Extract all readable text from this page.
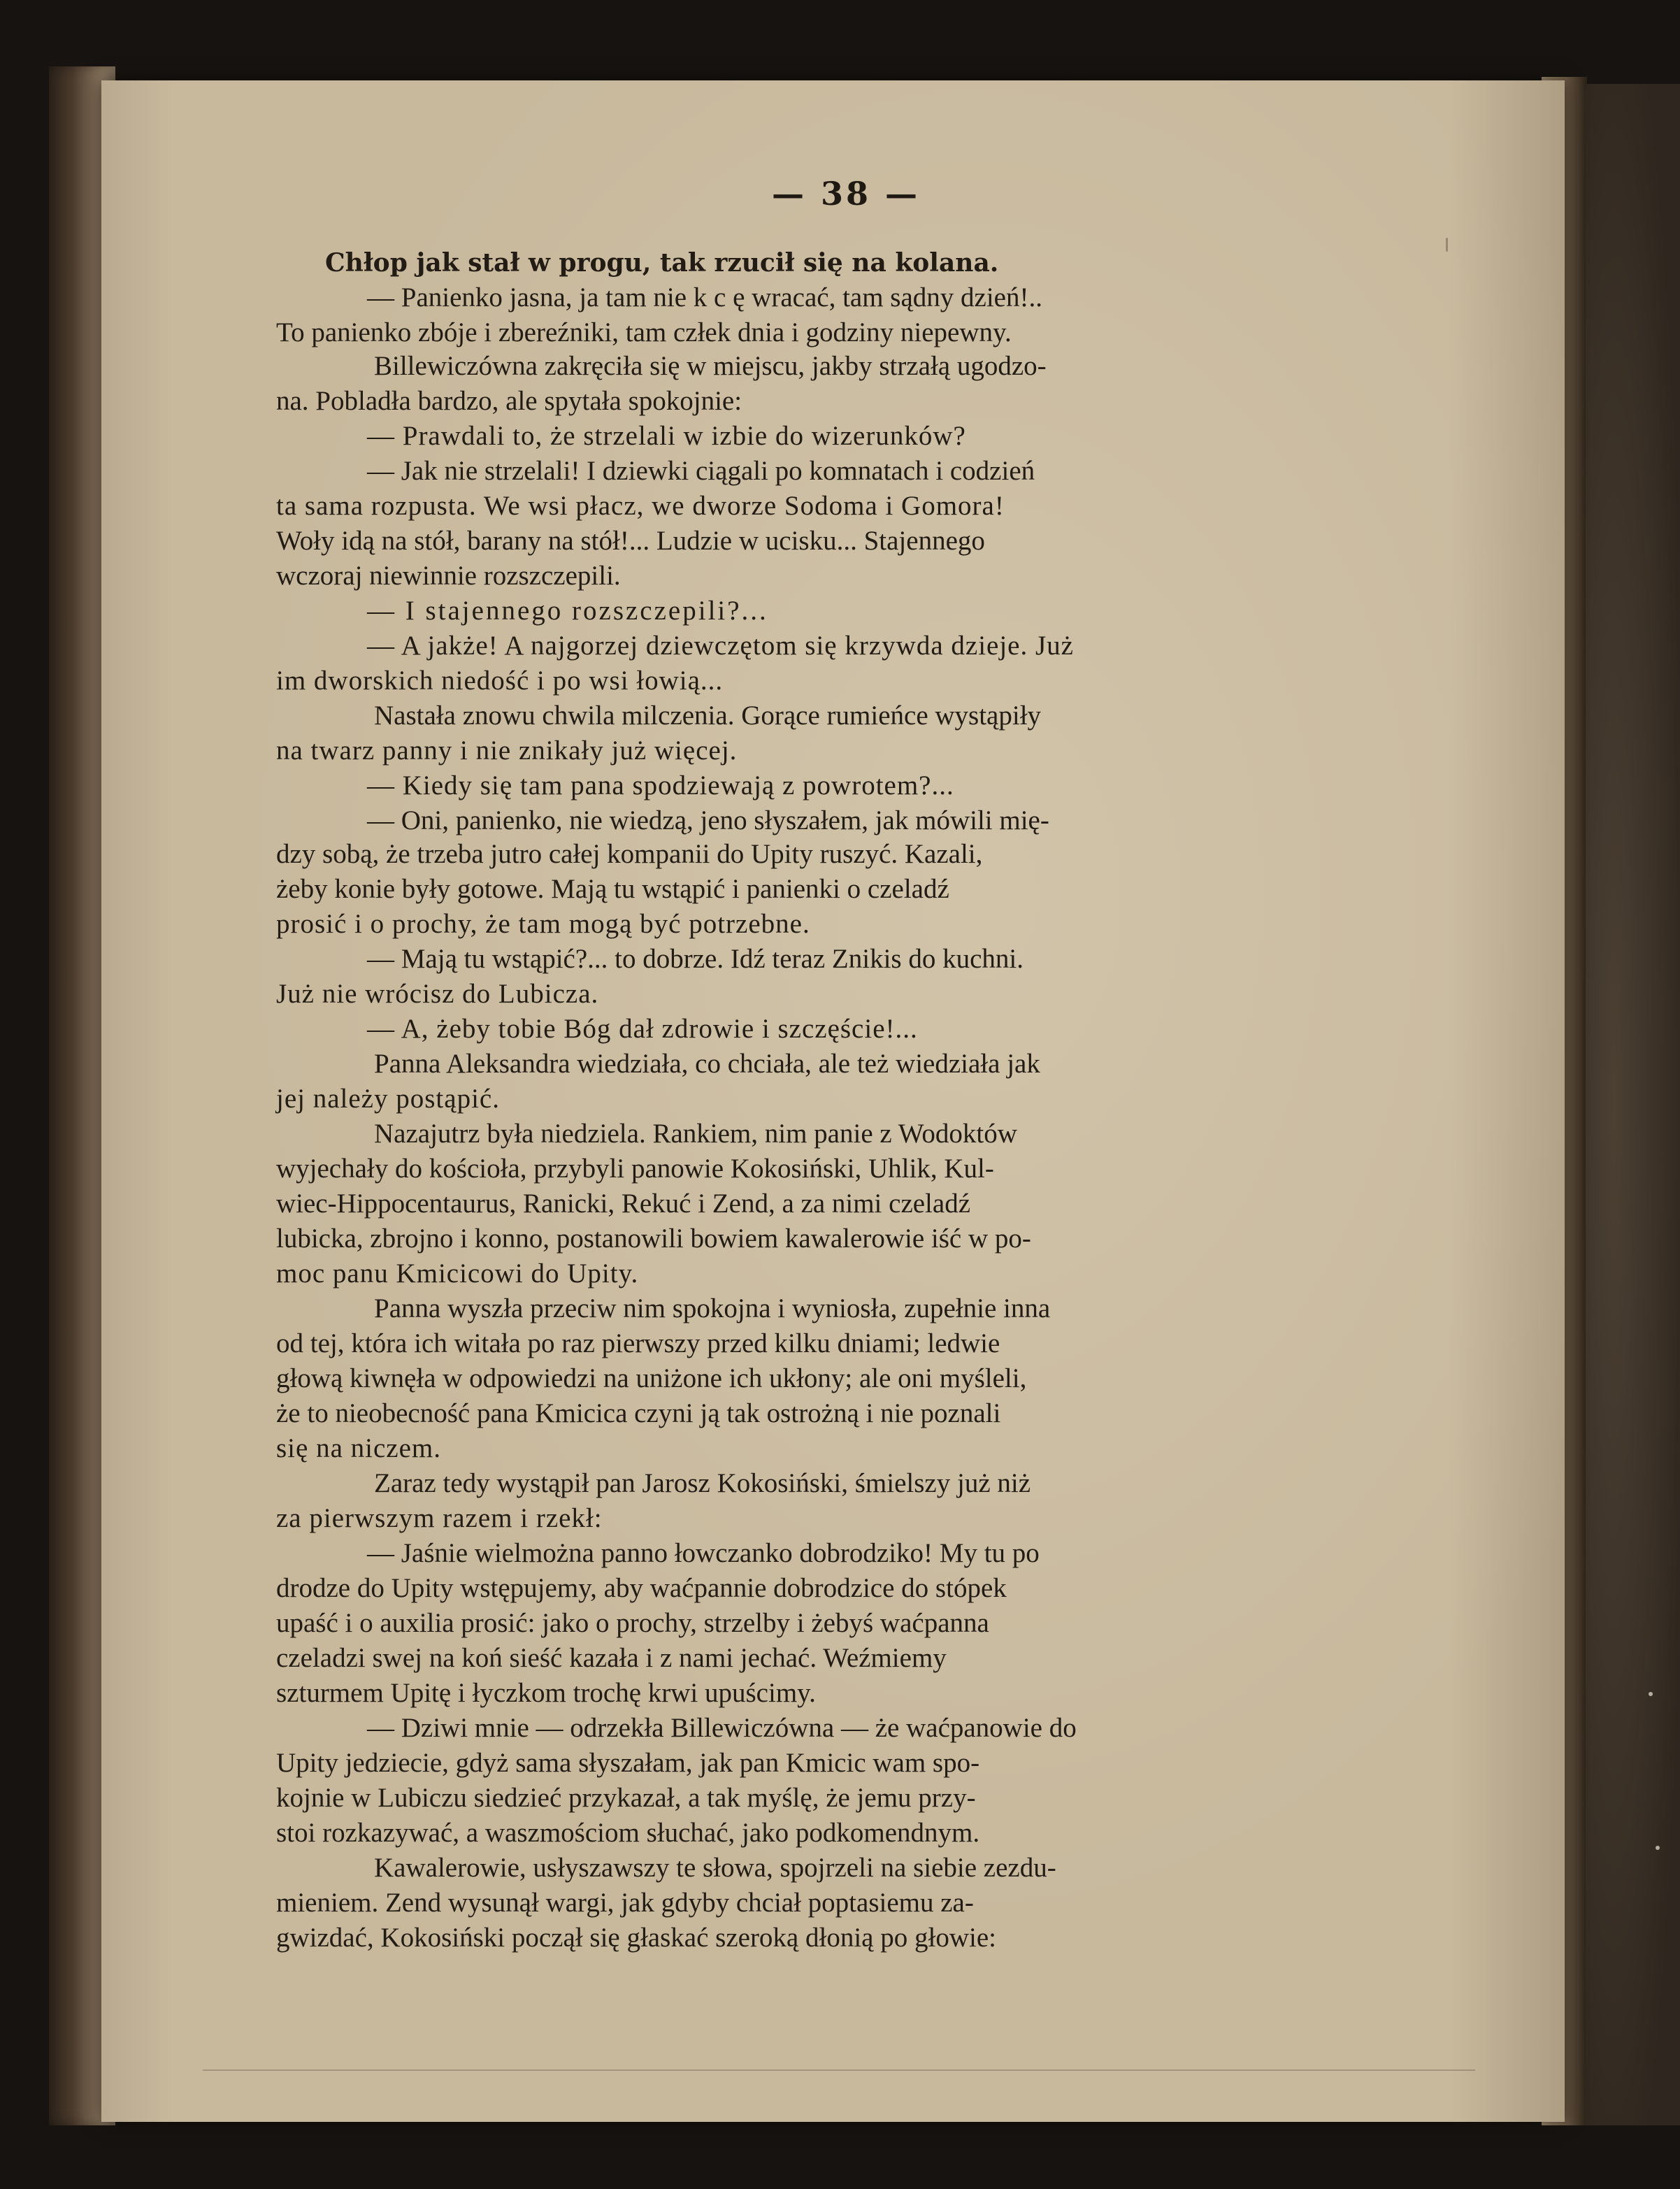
— 38 —
Chłop jak stał w progu, tak rzucił się na kolana.
— Panienko jasna, ja tam nie k c ę wracać, tam sądny dzień!..
To panienko zbóje i zbereźniki, tam człek dnia i godziny niepewny.
Billewiczówna zakręciła się w miejscu, jakby strzałą ugodzo-
na. Pobladła bardzo, ale spytała spokojnie:
— Prawdali to, że strzelali w izbie do wizerunków?
— Jak nie strzelali! I dziewki ciągali po komnatach i codzień
ta sama rozpusta. We wsi płacz, we dworze Sodoma i Gomora!
Woły idą na stół, barany na stół!... Ludzie w ucisku... Stajennego
wczoraj niewinnie rozszczepili.
— I stajennego rozszczepili?...
— A jakże! A najgorzej dziewczętom się krzywda dzieje. Już
im dworskich niedość i po wsi łowią...
Nastała znowu chwila milczenia. Gorące rumieńce wystąpiły
na twarz panny i nie znikały już więcej.
— Kiedy się tam pana spodziewają z powrotem?...
— Oni, panienko, nie wiedzą, jeno słyszałem, jak mówili mię-
dzy sobą, że trzeba jutro całej kompanii do Upity ruszyć. Kazali,
żeby konie były gotowe. Mają tu wstąpić i panienki o czeladź
prosić i o prochy, że tam mogą być potrzebne.
— Mają tu wstąpić?... to dobrze. Idź teraz Znikis do kuchni.
Już nie wrócisz do Lubicza.
— A, żeby tobie Bóg dał zdrowie i szczęście!...
Panna Aleksandra wiedziała, co chciała, ale też wiedziała jak
jej należy postąpić.
Nazajutrz była niedziela. Rankiem, nim panie z Wodoktów
wyjechały do kościoła, przybyli panowie Kokosiński, Uhlik, Kul-
wiec-Hippocentaurus, Ranicki, Rekuć i Zend, a za nimi czeladź
lubicka, zbrojno i konno, postanowili bowiem kawalerowie iść w po-
moc panu Kmicicowi do Upity.
Panna wyszła przeciw nim spokojna i wyniosła, zupełnie inna
od tej, która ich witała po raz pierwszy przed kilku dniami; ledwie
głową kiwnęła w odpowiedzi na uniżone ich ukłony; ale oni myśleli,
że to nieobecność pana Kmicica czyni ją tak ostrożną i nie poznali
się na niczem.
Zaraz tedy wystąpił pan Jarosz Kokosiński, śmielszy już niż
za pierwszym razem i rzekł:
— Jaśnie wielmożna panno łowczanko dobrodziko! My tu po
drodze do Upity wstępujemy, aby waćpannie dobrodzice do stópek
upaść i o auxilia prosić: jako o prochy, strzelby i żebyś waćpanna
czeladzi swej na koń sieść kazała i z nami jechać. Weźmiemy
szturmem Upitę i łyczkom trochę krwi upuścimy.
— Dziwi mnie — odrzekła Billewiczówna — że waćpanowie do
Upity jedziecie, gdyż sama słyszałam, jak pan Kmicic wam spo-
kojnie w Lubiczu siedzieć przykazał, a tak myślę, że jemu przy-
stoi rozkazywać, a waszmościom słuchać, jako podkomendnym.
Kawalerowie, usłyszawszy te słowa, spojrzeli na siebie zezdu-
mieniem. Zend wysunął wargi, jak gdyby chciał poptasiemu za-
gwizdać, Kokosiński począł się głaskać szeroką dłonią po głowie:
